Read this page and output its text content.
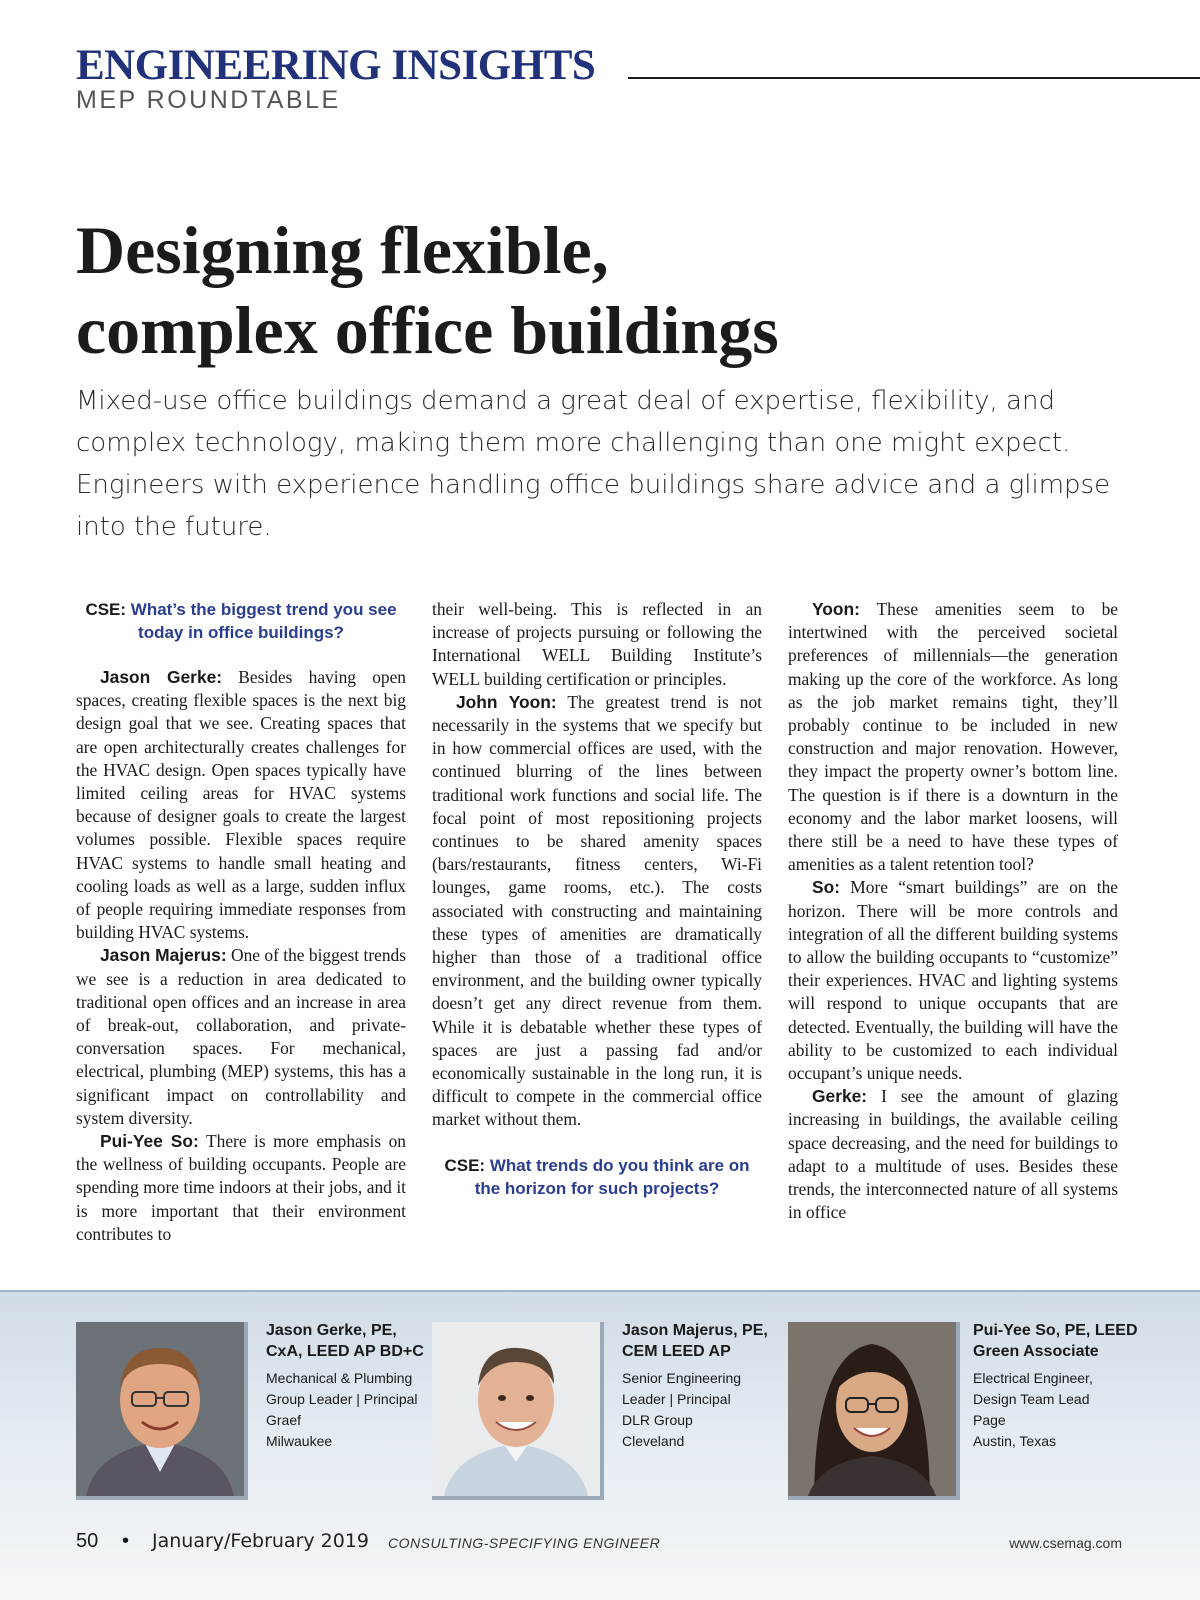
ENGINEERING INSIGHTS
MEP ROUNDTABLE
Designing flexible,
complex office buildings

Mixed-use office buildings demand a great deal of expertise, flexibility, and complex technology, making them more challenging than one might expect. Engineers with experience handling office buildings share advice and a glimpse into the future.

CSE: What’s the biggest trend you see today in office buildings?

Jason Gerke: Besides having open spaces, creating flexible spaces is the next big design goal that we see. Creating spaces that are open architecturally creates challenges for the HVAC design. Open spaces typically have limited ceiling areas for HVAC systems because of designer goals to create the largest volumes possible. Flexible spaces require HVAC systems to handle small heating and cooling loads as well as a large, sudden influx of people requiring immediate responses from building HVAC systems.

Jason Majerus: One of the biggest trends we see is a reduction in area dedicated to traditional open offices and an increase in area of break-out, collaboration, and private-conversation spaces. For mechanical, electrical, plumbing (MEP) systems, this has a significant impact on controllability and system diversity.

Pui-Yee So: There is more emphasis on the wellness of building occupants. People are spending more time indoors at their jobs, and it is more important that their environment contributes to

their well-being. This is reflected in an increase of projects pursuing or following the International WELL Building Institute’s WELL building certification or principles.

John Yoon: The greatest trend is not necessarily in the systems that we specify but in how commercial offices are used, with the continued blurring of the lines between traditional work functions and social life. The focal point of most repositioning projects continues to be shared amenity spaces (bars/restaurants, fitness centers, Wi-Fi lounges, game rooms, etc.). The costs associated with constructing and maintaining these types of amenities are dramatically higher than those of a traditional office environment, and the building owner typically doesn’t get any direct revenue from them. While it is debatable whether these types of spaces are just a passing fad and/or economically sustainable in the long run, it is difficult to compete in the commercial office market without them.

CSE: What trends do you think are on the horizon for such projects?

Yoon: These amenities seem to be intertwined with the perceived societal preferences of millennials—the generation making up the core of the workforce. As long as the job market remains tight, they’ll probably continue to be included in new construction and major renovation. However, they impact the property owner’s bottom line. The question is if there is a downturn in the economy and the labor market loosens, will there still be a need to have these types of amenities as a talent retention tool?

So: More “smart buildings” are on the horizon. There will be more controls and integration of all the different building systems to allow the building occupants to “customize” their experiences. HVAC and lighting systems will respond to unique occupants that are detected. Eventually, the building will have the ability to be customized to each individual occupant’s unique needs.

Gerke: I see the amount of glazing increasing in buildings, the available ceiling space decreasing, and the need for buildings to adapt to a multitude of uses. Besides these trends, the interconnected nature of all systems in office

Jason Gerke, PE, CxA, LEED AP BD+C

Mechanical & Plumbing

Group Leader | Principal

Graef

Milwaukee

Jason Majerus, PE, CEM LEED AP

Senior Engineering

Leader | Principal

DLR Group

Cleveland

Pui-Yee So, PE, LEED Green Associate

Electrical Engineer,

Design Team Lead

Page

Austin, Texas

50 • January/February 2019 CONSULTING-SPECIFYING ENGINEER	www.csemag.com
